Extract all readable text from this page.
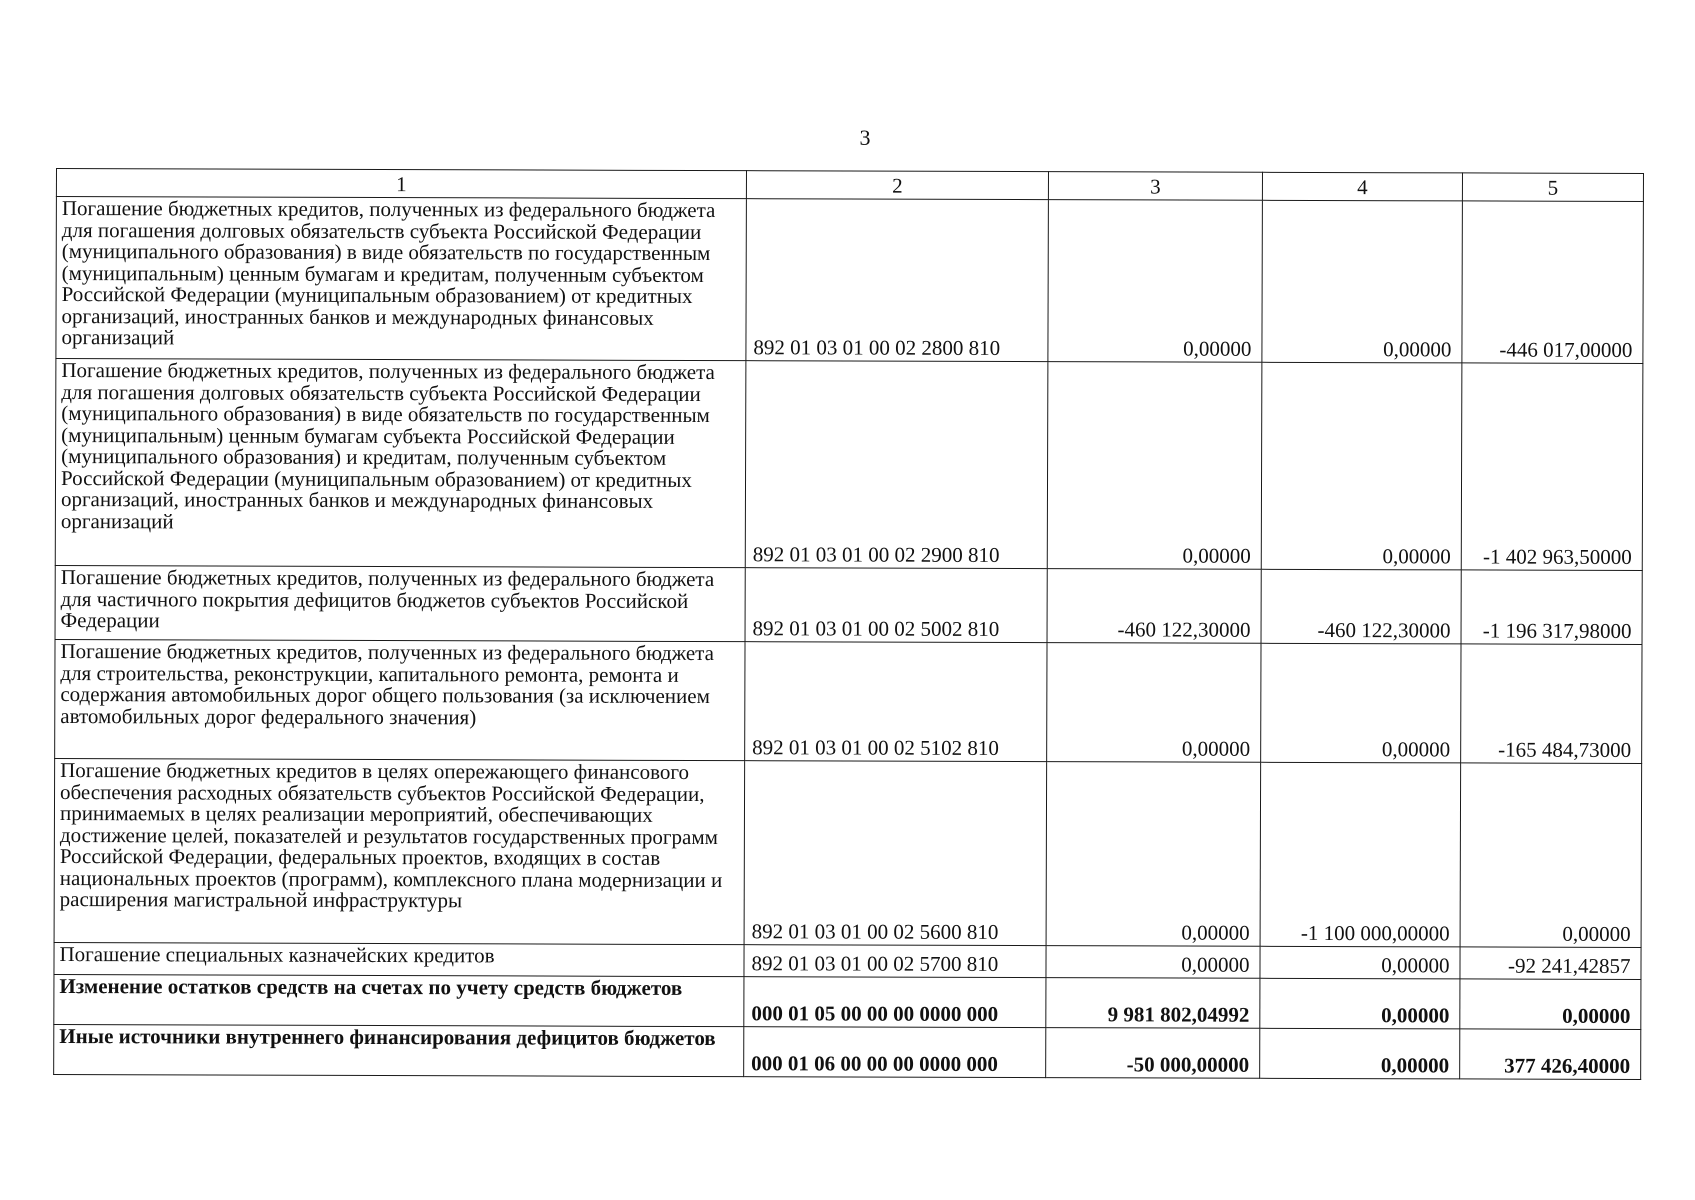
3
1	2	3	4	5
Погашение бюджетных кредитов, полученных из федерального бюджета для погашения долговых обязательств субъекта Российской Федерации (муниципального образования) в виде обязательств по государственным (муниципальным) ценным бумагам и кредитам, полученным субъектом Российской Федерации (муниципальным образованием) от кредитных организаций, иностранных банков и международных финансовых организаций	892 01 03 01 00 02 2800 810	0,00000	0,00000	-446 017,00000
Погашение бюджетных кредитов, полученных из федерального бюджета для погашения долговых обязательств субъекта Российской Федерации (муниципального образования) в виде обязательств по государственным (муниципальным) ценным бумагам субъекта Российской Федерации (муниципального образования) и кредитам, полученным субъектом Российской Федерации (муниципальным образованием) от кредитных организаций, иностранных банков и международных финансовых организаций	892 01 03 01 00 02 2900 810	0,00000	0,00000	-1 402 963,50000
Погашение бюджетных кредитов, полученных из федерального бюджета для частичного покрытия дефицитов бюджетов субъектов Российской Федерации	892 01 03 01 00 02 5002 810	-460 122,30000	-460 122,30000	-1 196 317,98000
Погашение бюджетных кредитов, полученных из федерального бюджета для строительства, реконструкции, капитального ремонта, ремонта и содержания автомобильных дорог общего пользования (за исключением автомобильных дорог федерального значения)	892 01 03 01 00 02 5102 810	0,00000	0,00000	-165 484,73000
Погашение бюджетных кредитов в целях опережающего финансового обеспечения расходных обязательств субъектов Российской Федерации, принимаемых в целях реализации мероприятий, обеспечивающих достижение целей, показателей и результатов государственных программ Российской Федерации, федеральных проектов, входящих в состав национальных проектов (программ), комплексного плана модернизации и расширения магистральной инфраструктуры	892 01 03 01 00 02 5600 810	0,00000	-1 100 000,00000	0,00000
Погашение специальных казначейских кредитов	892 01 03 01 00 02 5700 810	0,00000	0,00000	-92 241,42857
Изменение остатков средств на счетах по учету средств бюджетов	000 01 05 00 00 00 0000 000	9 981 802,04992	0,00000	0,00000
Иные источники внутреннего финансирования дефицитов бюджетов	000 01 06 00 00 00 0000 000	-50 000,00000	0,00000	377 426,40000
